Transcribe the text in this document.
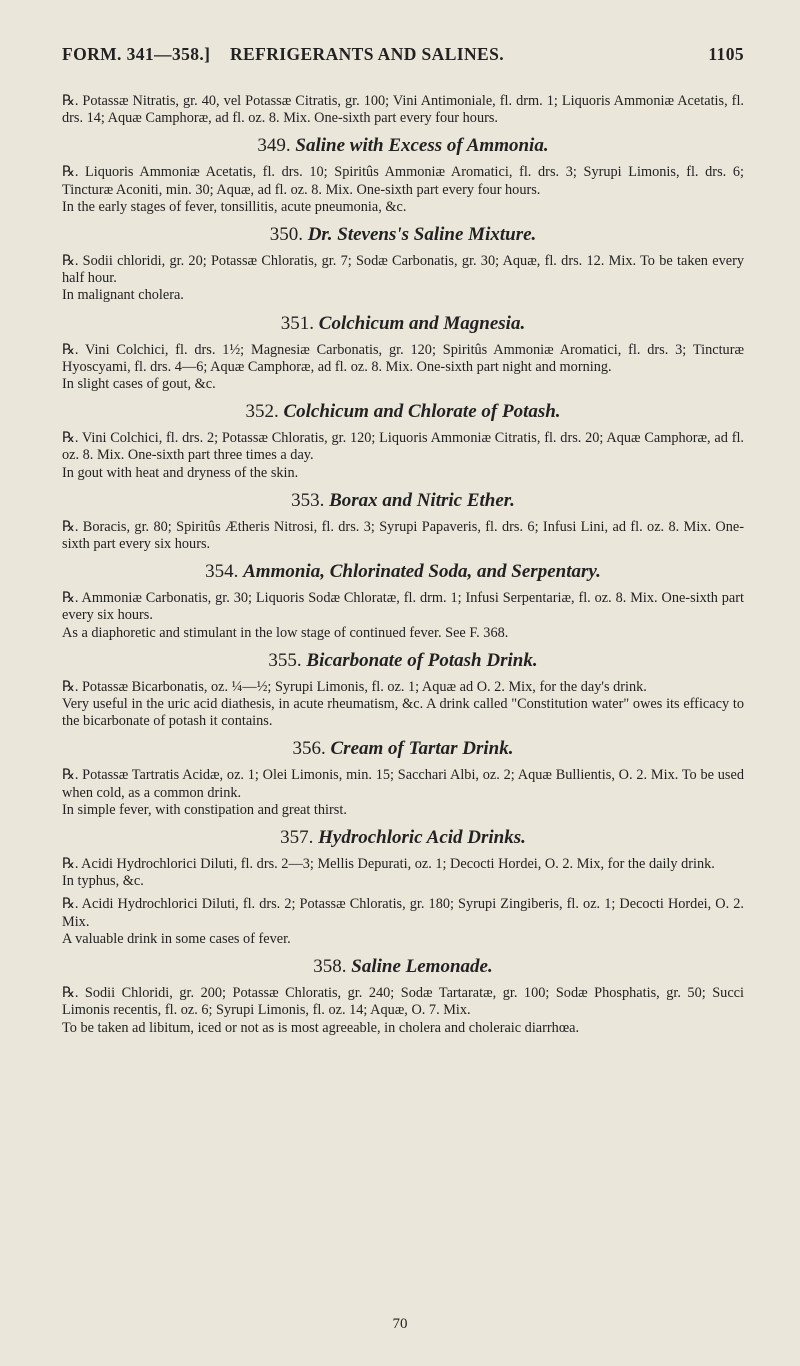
FORM. 341—358.]	1105
REFRIGERANTS AND SALINES.

℞. Potassæ Nitratis, gr. 40, vel Potassæ Citratis, gr. 100; Vini Antimoniale, fl. drm. 1; Liquoris Ammoniæ Acetatis, fl. drs. 14; Aquæ Camphoræ, ad fl. oz. 8. Mix. One-sixth part every four hours.

349. Saline with Excess of Ammonia.

℞. Liquoris Ammoniæ Acetatis, fl. drs. 10; Spiritûs Ammoniæ Aromatici, fl. drs. 3; Syrupi Limonis, fl. drs. 6; Tincturæ Aconiti, min. 30; Aquæ, ad fl. oz. 8. Mix. One-sixth part every four hours.

In the early stages of fever, tonsillitis, acute pneumonia, &c.

350. Dr. Stevens's Saline Mixture.

℞. Sodii chloridi, gr. 20; Potassæ Chloratis, gr. 7; Sodæ Carbonatis, gr. 30; Aquæ, fl. drs. 12. Mix. To be taken every half hour.

In malignant cholera.

351. Colchicum and Magnesia.

℞. Vini Colchici, fl. drs. 1½; Magnesiæ Carbonatis, gr. 120; Spiritûs Ammoniæ Aromatici, fl. drs. 3; Tincturæ Hyoscyami, fl. drs. 4—6; Aquæ Camphoræ, ad fl. oz. 8. Mix. One-sixth part night and morning.

In slight cases of gout, &c.

352. Colchicum and Chlorate of Potash.

℞. Vini Colchici, fl. drs. 2; Potassæ Chloratis, gr. 120; Liquoris Ammoniæ Citratis, fl. drs. 20; Aquæ Camphoræ, ad fl. oz. 8. Mix. One-sixth part three times a day.

In gout with heat and dryness of the skin.

353. Borax and Nitric Ether.

℞. Boracis, gr. 80; Spiritûs Ætheris Nitrosi, fl. drs. 3; Syrupi Papaveris, fl. drs. 6; Infusi Lini, ad fl. oz. 8. Mix. One-sixth part every six hours.

354. Ammonia, Chlorinated Soda, and Serpentary.

℞. Ammoniæ Carbonatis, gr. 30; Liquoris Sodæ Chloratæ, fl. drm. 1; Infusi Serpentariæ, fl. oz. 8. Mix. One-sixth part every six hours.

As a diaphoretic and stimulant in the low stage of continued fever. See F. 368.

355. Bicarbonate of Potash Drink.

℞. Potassæ Bicarbonatis, oz. ¼—½; Syrupi Limonis, fl. oz. 1; Aquæ ad O. 2. Mix, for the day's drink.

Very useful in the uric acid diathesis, in acute rheumatism, &c. A drink called "Constitution water" owes its efficacy to the bicarbonate of potash it contains.

356. Cream of Tartar Drink.

℞. Potassæ Tartratis Acidæ, oz. 1; Olei Limonis, min. 15; Sacchari Albi, oz. 2; Aquæ Bullientis, O. 2. Mix. To be used when cold, as a common drink.

In simple fever, with constipation and great thirst.

357. Hydrochloric Acid Drinks.

℞. Acidi Hydrochlorici Diluti, fl. drs. 2—3; Mellis Depurati, oz. 1; Decocti Hordei, O. 2. Mix, for the daily drink.

In typhus, &c.

℞. Acidi Hydrochlorici Diluti, fl. drs. 2; Potassæ Chloratis, gr. 180; Syrupi Zingiberis, fl. oz. 1; Decocti Hordei, O. 2. Mix.

A valuable drink in some cases of fever.

358. Saline Lemonade.

℞. Sodii Chloridi, gr. 200; Potassæ Chloratis, gr. 240; Sodæ Tartaratæ, gr. 100; Sodæ Phosphatis, gr. 50; Succi Limonis recentis, fl. oz. 6; Syrupi Limonis, fl. oz. 14; Aquæ, O. 7. Mix.

To be taken ad libitum, iced or not as is most agreeable, in cholera and choleraic diarrhœa.

70
